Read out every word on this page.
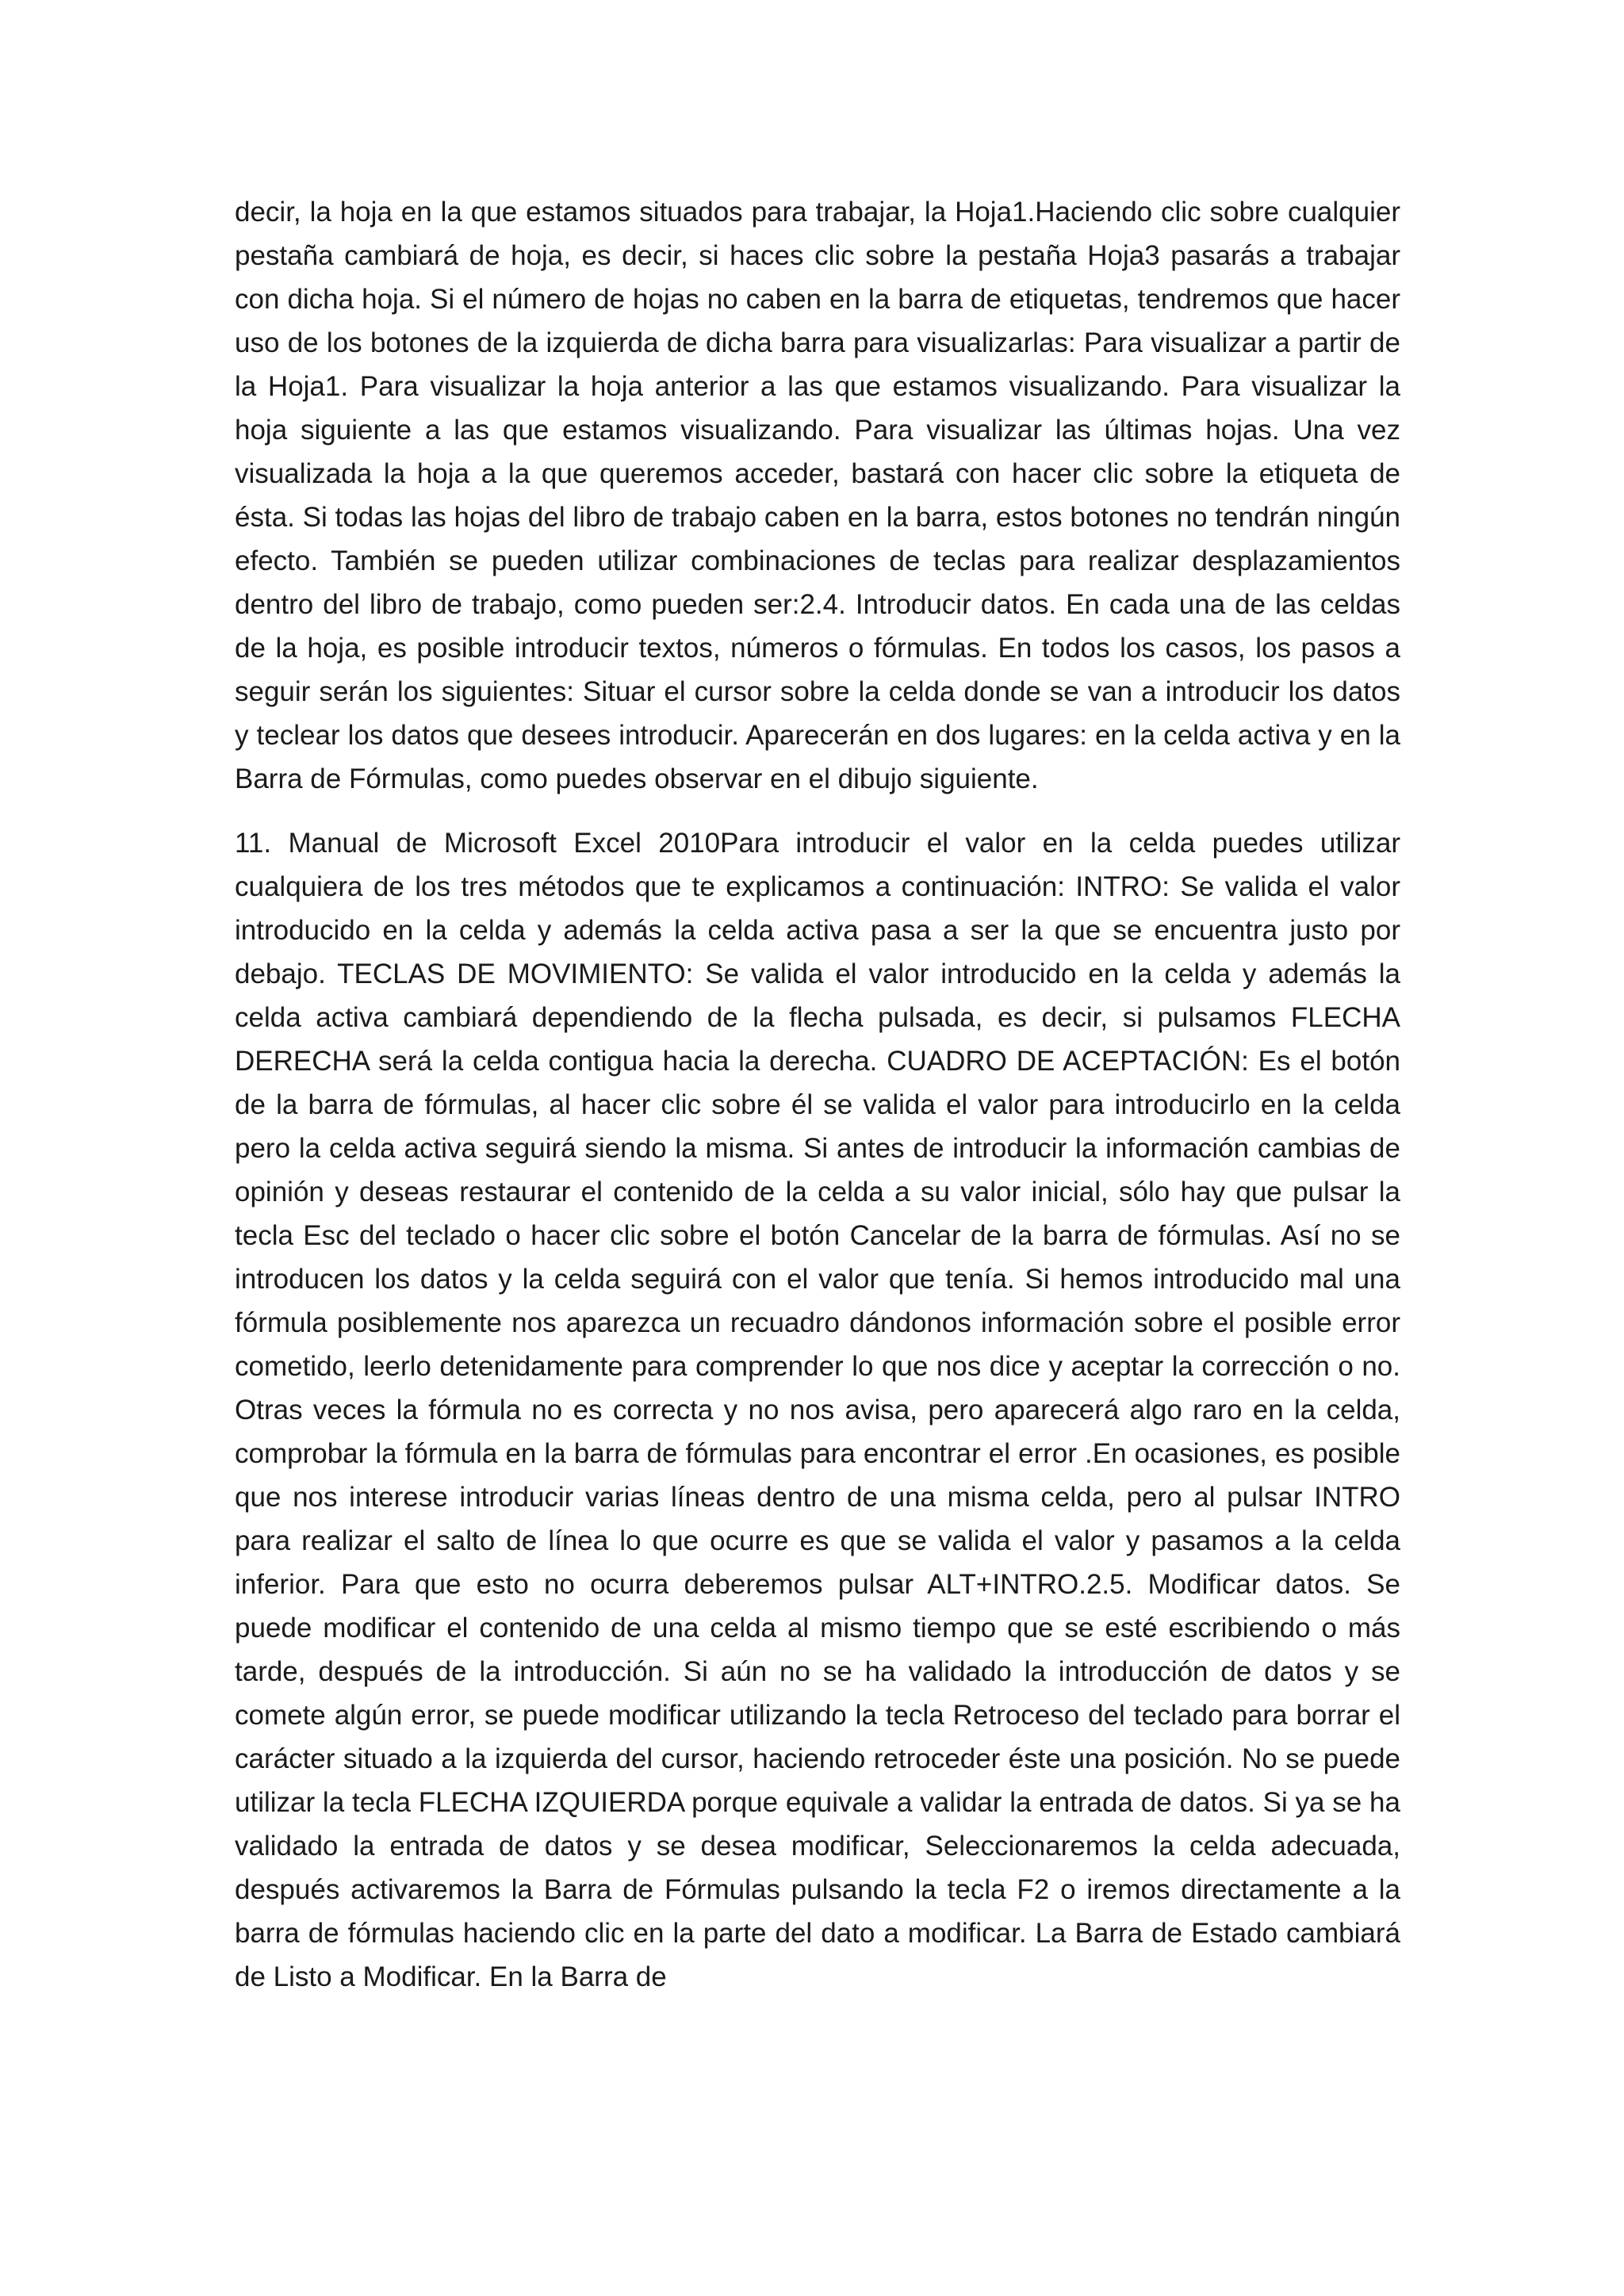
decir, la hoja en la que estamos situados para trabajar, la Hoja1.Haciendo clic sobre cualquier pestaña cambiará de hoja, es decir, si haces clic sobre la pestaña Hoja3 pasarás a trabajar con dicha hoja. Si el número de hojas no caben en la barra de etiquetas, tendremos que hacer uso de los botones de la izquierda de dicha barra para visualizarlas: Para visualizar a partir de la Hoja1. Para visualizar la hoja anterior a las que estamos visualizando. Para visualizar la hoja siguiente a las que estamos visualizando. Para visualizar las últimas hojas. Una vez visualizada la hoja a la que queremos acceder, bastará con hacer clic sobre la etiqueta de ésta. Si todas las hojas del libro de trabajo caben en la barra, estos botones no tendrán ningún efecto. También se pueden utilizar combinaciones de teclas para realizar desplazamientos dentro del libro de trabajo, como pueden ser:2.4. Introducir datos. En cada una de las celdas de la hoja, es posible introducir textos, números o fórmulas. En todos los casos, los pasos a seguir serán los siguientes: Situar el cursor sobre la celda donde se van a introducir los datos y teclear los datos que desees introducir. Aparecerán en dos lugares: en la celda activa y en la Barra de Fórmulas, como puedes observar en el dibujo siguiente.

11. Manual de Microsoft Excel 2010Para introducir el valor en la celda puedes utilizar cualquiera de los tres métodos que te explicamos a continuación: INTRO: Se valida el valor introducido en la celda y además la celda activa pasa a ser la que se encuentra justo por debajo. TECLAS DE MOVIMIENTO: Se valida el valor introducido en la celda y además la celda activa cambiará dependiendo de la flecha pulsada, es decir, si pulsamos FLECHA DERECHA será la celda contigua hacia la derecha. CUADRO DE ACEPTACIÓN: Es el botón de la barra de fórmulas, al hacer clic sobre él se valida el valor para introducirlo en la celda pero la celda activa seguirá siendo la misma. Si antes de introducir la información cambias de opinión y deseas restaurar el contenido de la celda a su valor inicial, sólo hay que pulsar la tecla Esc del teclado o hacer clic sobre el botón Cancelar de la barra de fórmulas. Así no se introducen los datos y la celda seguirá con el valor que tenía. Si hemos introducido mal una fórmula posiblemente nos aparezca un recuadro dándonos información sobre el posible error cometido, leerlo detenidamente para comprender lo que nos dice y aceptar la corrección o no. Otras veces la fórmula no es correcta y no nos avisa, pero aparecerá algo raro en la celda, comprobar la fórmula en la barra de fórmulas para encontrar el error .En ocasiones, es posible que nos interese introducir varias líneas dentro de una misma celda, pero al pulsar INTRO para realizar el salto de línea lo que ocurre es que se valida el valor y pasamos a la celda inferior. Para que esto no ocurra deberemos pulsar ALT+INTRO.2.5. Modificar datos. Se puede modificar el contenido de una celda al mismo tiempo que se esté escribiendo o más tarde, después de la introducción. Si aún no se ha validado la introducción de datos y se comete algún error, se puede modificar utilizando la tecla Retroceso del teclado para borrar el carácter situado a la izquierda del cursor, haciendo retroceder éste una posición. No se puede utilizar la tecla FLECHA IZQUIERDA porque equivale a validar la entrada de datos. Si ya se ha validado la entrada de datos y se desea modificar, Seleccionaremos la celda adecuada, después activaremos la Barra de Fórmulas pulsando la tecla F2 o iremos directamente a la barra de fórmulas haciendo clic en la parte del dato a modificar. La Barra de Estado cambiará de Listo a Modificar. En la Barra de
